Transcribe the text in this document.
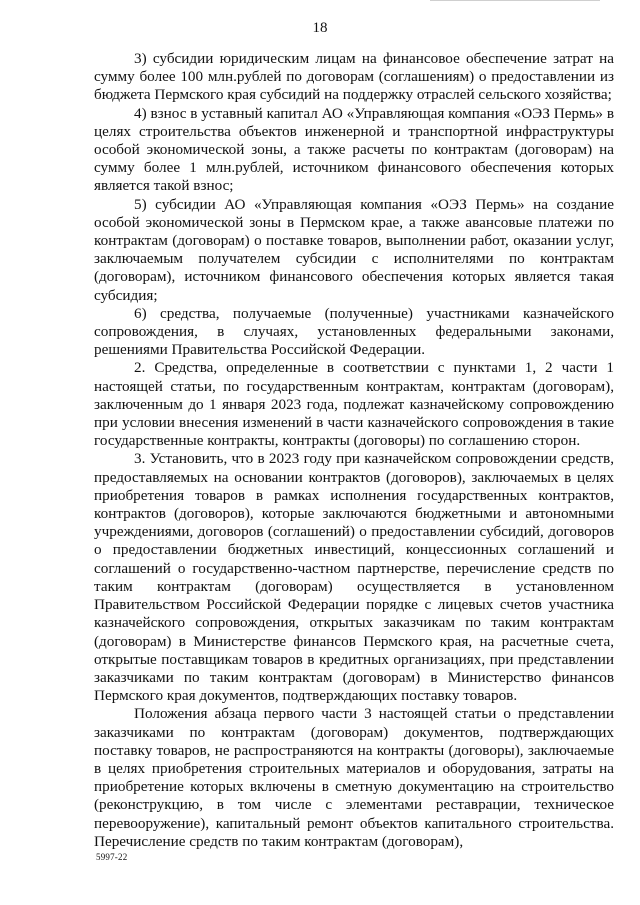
18

3) субсидии юридическим лицам на финансовое обеспечение затрат на сумму более 100 млн.рублей по договорам (соглашениям) о предоставлении из бюджета Пермского края субсидий на поддержку отраслей сельского хозяйства;

4) взнос в уставный капитал АО «Управляющая компания «ОЭЗ Пермь» в целях строительства объектов инженерной и транспортной инфраструктуры особой экономической зоны, а также расчеты по контрактам (договорам) на сумму более 1 млн.рублей, источником финансового обеспечения которых является такой взнос;

5) субсидии АО «Управляющая компания «ОЭЗ Пермь» на создание особой экономической зоны в Пермском крае, а также авансовые платежи по контрактам (договорам) о поставке товаров, выполнении работ, оказании услуг, заключаемым получателем субсидии с исполнителями по контрактам (договорам), источником финансового обеспечения которых является такая субсидия;

6) средства, получаемые (полученные) участниками казначейского сопровождения, в случаях, установленных федеральными законами, решениями Правительства Российской Федерации.

2. Средства, определенные в соответствии с пунктами 1, 2 части 1 настоящей статьи, по государственным контрактам, контрактам (договорам), заключенным до 1 января 2023 года, подлежат казначейскому сопровождению при условии внесения изменений в части казначейского сопровождения в такие государственные контракты, контракты (договоры) по соглашению сторон.

3. Установить, что в 2023 году при казначейском сопровождении средств, предоставляемых на основании контрактов (договоров), заключаемых в целях приобретения товаров в рамках исполнения государственных контрактов, контрактов (договоров), которые заключаются бюджетными и автономными учреждениями, договоров (соглашений) о предоставлении субсидий, договоров о предоставлении бюджетных инвестиций, концессионных соглашений и соглашений о государственно-частном партнерстве, перечисление средств по таким контрактам (договорам) осуществляется в установленном Правительством Российской Федерации порядке с лицевых счетов участника казначейского сопровождения, открытых заказчикам по таким контрактам (договорам) в Министерстве финансов Пермского края, на расчетные счета, открытые поставщикам товаров в кредитных организациях, при представлении заказчиками по таким контрактам (договорам) в Министерство финансов Пермского края документов, подтверждающих поставку товаров.

Положения абзаца первого части 3 настоящей статьи о представлении заказчиками по контрактам (договорам) документов, подтверждающих поставку товаров, не распространяются на контракты (договоры), заключаемые в целях приобретения строительных материалов и оборудования, затраты на приобретение которых включены в сметную документацию на строительство (реконструкцию, в том числе с элементами реставрации, техническое перевооружение), капитальный ремонт объектов капитального строительства. Перечисление средств по таким контрактам (договорам),

5997-22
